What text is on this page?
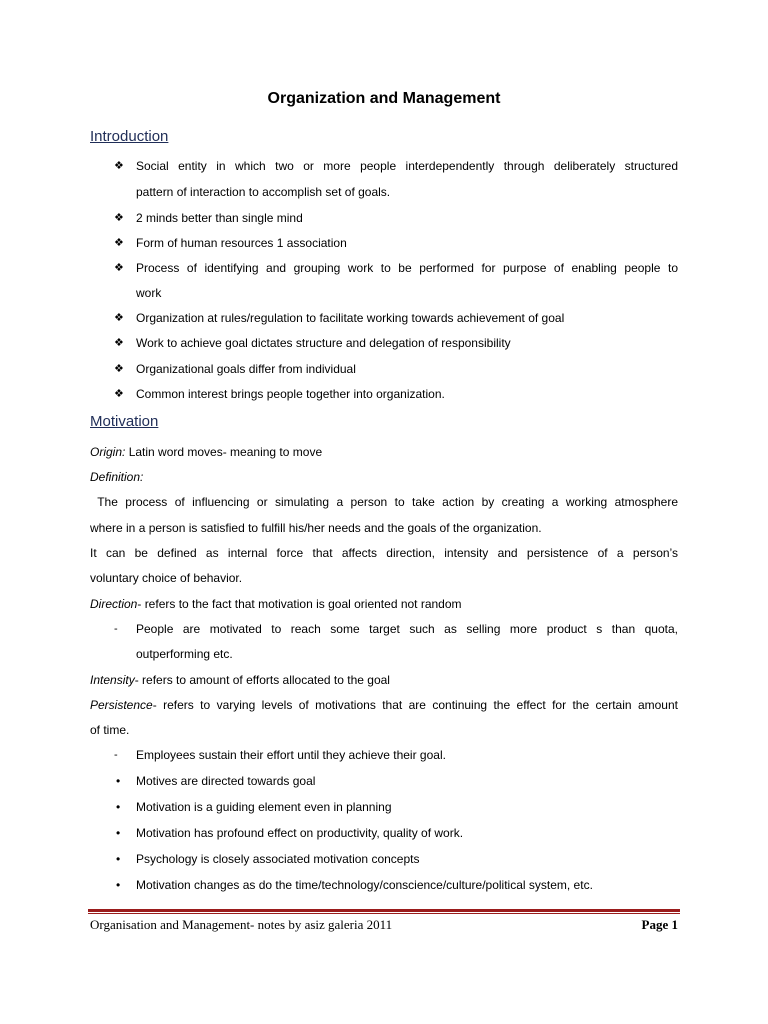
Organization and Management
Introduction
❖ Social entity in which two or more people interdependently through deliberately structured
pattern of interaction to accomplish set of goals.
❖ 2 minds better than single mind
❖ Form of human resources 1 association
❖ Process of identifying and grouping work to be performed for purpose of enabling people to
work
❖ Organization at rules/regulation to facilitate working towards achievement of goal
❖ Work to achieve goal dictates structure and delegation of responsibility
❖ Organizational goals differ from individual
❖ Common interest brings people together into organization.
Motivation
Origin: Latin word moves- meaning to move
Definition:
The process of influencing or simulating a person to take action by creating a working atmosphere
where in a person is satisfied to fulfill his/her needs and the goals of the organization.
It can be defined as internal force that affects direction, intensity and persistence of a person’s
voluntary choice of behavior.
Direction- refers to the fact that motivation is goal oriented not random
- People are motivated to reach some target such as selling more product s than quota,
outperforming etc.
Intensity- refers to amount of efforts allocated to the goal
Persistence- refers to varying levels of motivations that are continuing the effect for the certain amount
of time.
- Employees sustain their effort until they achieve their goal.
• Motives are directed towards goal
• Motivation is a guiding element even in planning
• Motivation has profound effect on productivity, quality of work.
• Psychology is closely associated motivation concepts
• Motivation changes as do the time/technology/conscience/culture/political system, etc.
Organisation and Management- notes by asiz galeria 2011	Page 1
